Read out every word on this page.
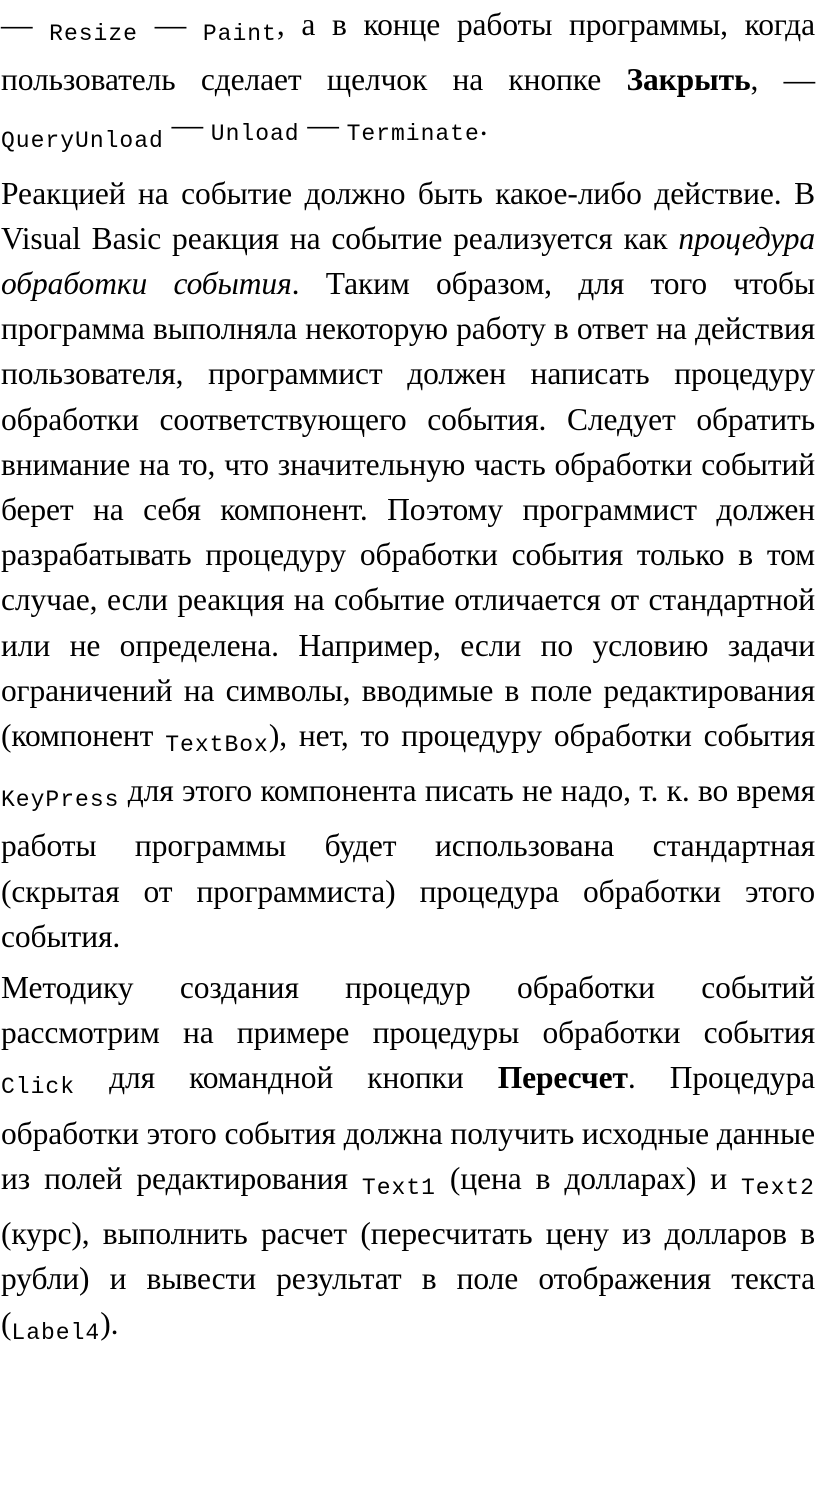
— Resize — Paint, а в конце работы программы, когда пользователь сделает щелчок на кнопке Закрыть, — $_{QueryUnload}$ — Unload — Terminate.

Реакцией на событие должно быть какое-либо действие. В Visual Basic реакция на событие реализуется как процедура обработки события. Таким образом, для того чтобы программа выполняла некоторую работу в ответ на действия пользователя, программист должен написать процедуру обработки соответствующего события. Следует обратить внимание на то, что значительную часть обработки событий берет на себя компонент. Поэтому программист должен разрабатывать процедуру обработки события только в том случае, если реакция на событие отличается от стандартной или не определена. Например, если по условию задачи ограничений на символы, вводимые в поле редактирования (компонент TextBox), нет, то процедуру обработки события KeyPress для этого компонента писать не надо, т. к. во время работы программы будет использована стандартная (скрытая от программиста) процедура обработки этого события.

Методику создания процедур обработки событий рассмотрим на примере процедуры обработки события Click для командной кнопки Пересчет. Процедура обработки этого события должна получить исходные данные из полей редактирования Text1 (цена в долларах) и Text2 (курс), выполнить расчет (пересчитать цену из долларов в рубли) и вывести результат в поле отображения текста (Label4).
